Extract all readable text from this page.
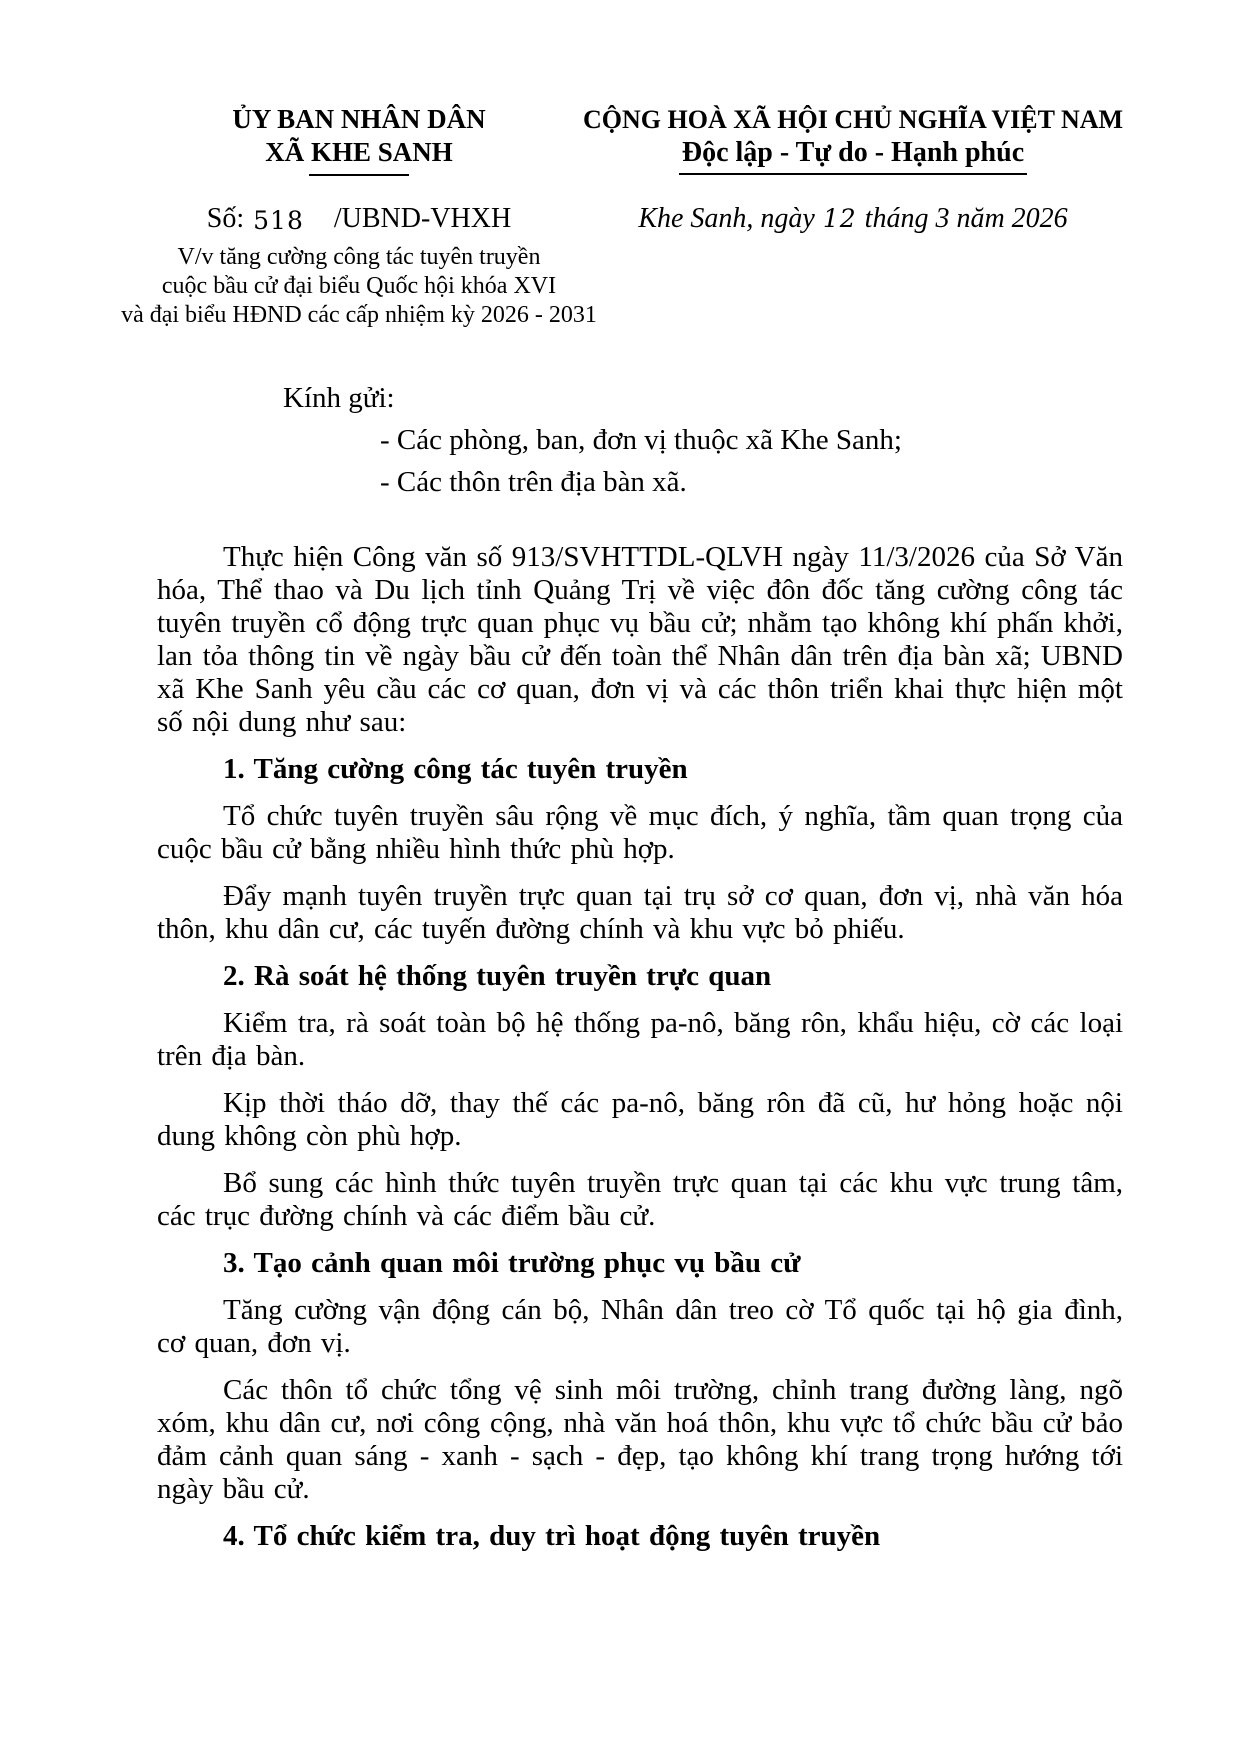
ỦY BAN NHÂN DÂN
XÃ KHE SANH
Số: 518 /UBND-VHXH
V/v tăng cường công tác tuyên truyền
cuộc bầu cử đại biểu Quốc hội khóa XVI
và đại biểu HĐND các cấp nhiệm kỳ 2026 - 2031
CỘNG HOÀ XÃ HỘI CHỦ NGHĨA VIỆT NAM
Độc lập - Tự do - Hạnh phúc
Khe Sanh, ngày 12 tháng 3 năm 2026
Kính gửi:
- Các phòng, ban, đơn vị thuộc xã Khe Sanh;
- Các thôn trên địa bàn xã.

Thực hiện Công văn số 913/SVHTTDL-QLVH ngày 11/3/2026 của Sở Văn hóa, Thể thao và Du lịch tỉnh Quảng Trị về việc đôn đốc tăng cường công tác tuyên truyền cổ động trực quan phục vụ bầu cử; nhằm tạo không khí phấn khởi, lan tỏa thông tin về ngày bầu cử đến toàn thể Nhân dân trên địa bàn xã; UBND xã Khe Sanh yêu cầu các cơ quan, đơn vị và các thôn triển khai thực hiện một số nội dung như sau:

1. Tăng cường công tác tuyên truyền

Tổ chức tuyên truyền sâu rộng về mục đích, ý nghĩa, tầm quan trọng của cuộc bầu cử bằng nhiều hình thức phù hợp.

Đẩy mạnh tuyên truyền trực quan tại trụ sở cơ quan, đơn vị, nhà văn hóa thôn, khu dân cư, các tuyến đường chính và khu vực bỏ phiếu.

2. Rà soát hệ thống tuyên truyền trực quan

Kiểm tra, rà soát toàn bộ hệ thống pa-nô, băng rôn, khẩu hiệu, cờ các loại trên địa bàn.

Kịp thời tháo dỡ, thay thế các pa-nô, băng rôn đã cũ, hư hỏng hoặc nội dung không còn phù hợp.

Bổ sung các hình thức tuyên truyền trực quan tại các khu vực trung tâm, các trục đường chính và các điểm bầu cử.

3. Tạo cảnh quan môi trường phục vụ bầu cử

Tăng cường vận động cán bộ, Nhân dân treo cờ Tổ quốc tại hộ gia đình, cơ quan, đơn vị.

Các thôn tổ chức tổng vệ sinh môi trường, chỉnh trang đường làng, ngõ xóm, khu dân cư, nơi công cộng, nhà văn hoá thôn, khu vực tổ chức bầu cử bảo đảm cảnh quan sáng - xanh - sạch - đẹp, tạo không khí trang trọng hướng tới ngày bầu cử.

4. Tổ chức kiểm tra, duy trì hoạt động tuyên truyền
